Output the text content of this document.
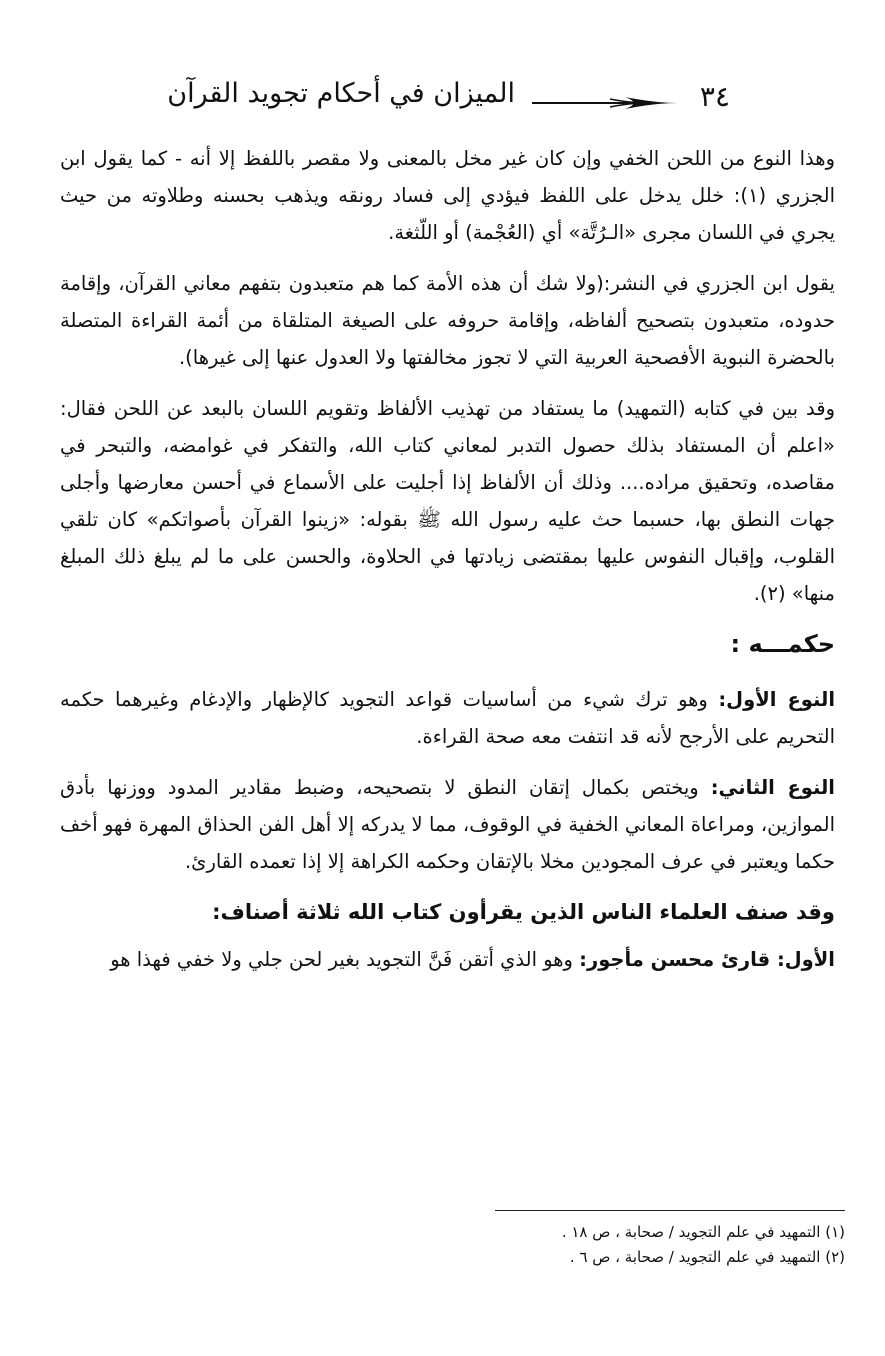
٣٤
الميزان في أحكام تجويد القرآن

وهذا النوع من اللحن الخفي وإن كان غير مخل بالمعنى ولا مقصر باللفظ إلا أنه - كما يقول ابن الجزري (١): خلل يدخل على اللفظ فيؤدي إلى فساد رونقه ويذهب بحسنه وطلاوته من حيث يجري في اللسان مجرى «الـرُتَّة» أي (العُجْمة) أو اللّثغة.

يقول ابن الجزري في النشر:(ولا شك أن هذه الأمة كما هم متعبدون بتفهم معاني القرآن، وإقامة حدوده، متعبدون بتصحيح ألفاظه، وإقامة حروفه على الصيغة المتلقاة من أئمة القراءة المتصلة بالحضرة النبوية الأفصحية العربية التي لا تجوز مخالفتها ولا العدول عنها إلى غيرها).

وقد بين في كتابه (التمهيد) ما يستفاد من تهذيب الألفاظ وتقويم اللسان بالبعد عن اللحن فقال: «اعلم أن المستفاد بذلك حصول التدبر لمعاني كتاب الله، والتفكر في غوامضه، والتبحر في مقاصده، وتحقيق مراده.... وذلك أن الألفاظ إذا أجليت على الأسماع في أحسن معارضها وأجلى جهات النطق بها، حسبما حث عليه رسول الله ﷺ بقوله: «زينوا القرآن بأصواتكم» كان تلقي القلوب، وإقبال النفوس عليها بمقتضى زيادتها في الحلاوة، والحسن على ما لم يبلغ ذلك المبلغ منها» (٢).

حكمـــه :

النوع الأول: وهو ترك شيء من أساسيات قواعد التجويد كالإظهار والإدغام وغيرهما حكمه التحريم على الأرجح لأنه قد انتفت معه صحة القراءة.

النوع الثاني: ويختص بكمال إتقان النطق لا بتصحيحه، وضبط مقادير المدود ووزنها بأدق الموازين، ومراعاة المعاني الخفية في الوقوف، مما لا يدركه إلا أهل الفن الحذاق المهرة فهو أخف حكما ويعتبر في عرف المجودين مخلا بالإتقان وحكمه الكراهة إلا إذا تعمده القارئ.

وقد صنف العلماء الناس الذين يقرأون كتاب الله ثلاثة أصناف:

الأول: قارئ محسن مأجور: وهو الذي أتقن فَنَّ التجويد بغير لحن جلي ولا خفي فهذا هو

(١) التمهيد في علم التجويد / صحابة ، ص ١٨ .

(٢) التمهيد في علم التجويد / صحابة ، ص ٦ .
